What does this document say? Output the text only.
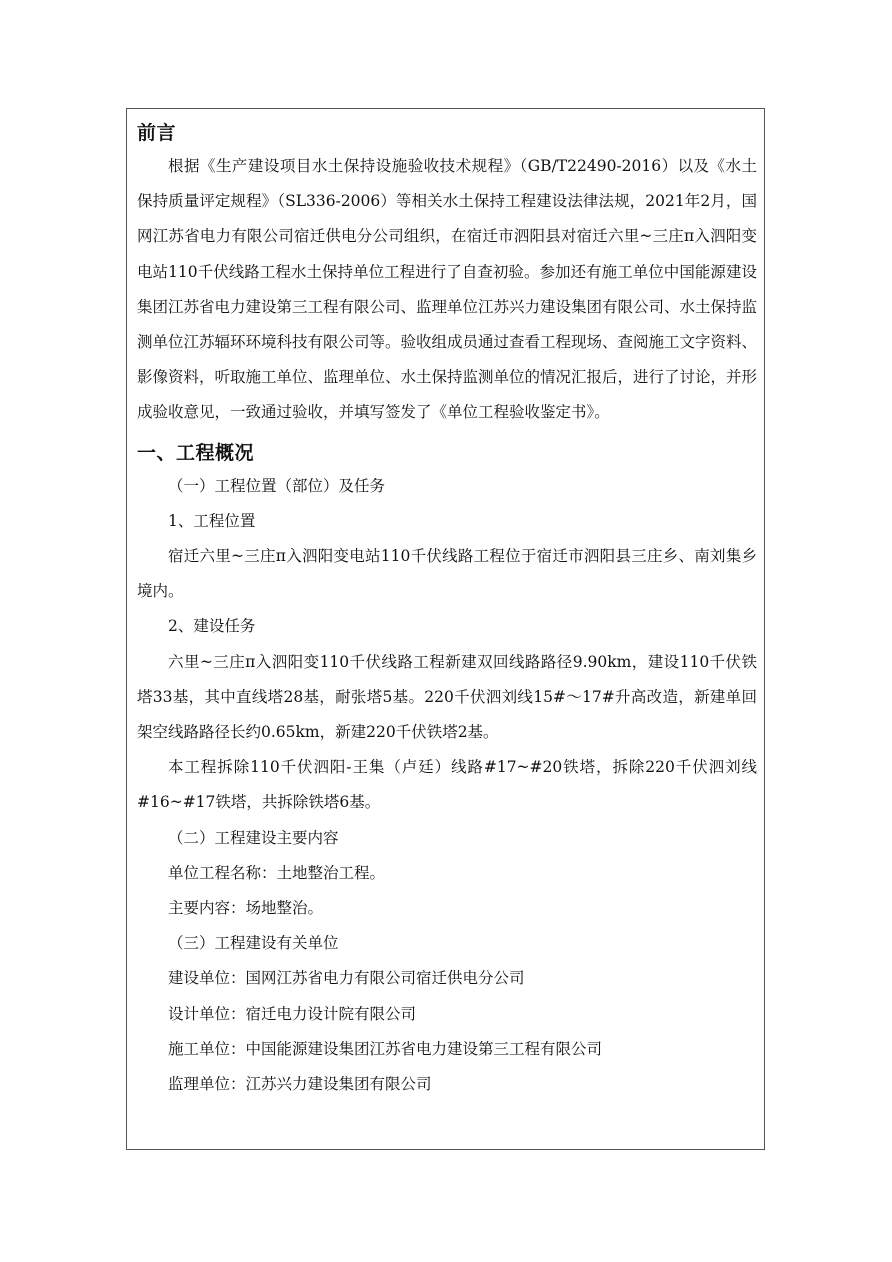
前言

根据《生产建设项目水土保持设施验收技术规程》（GB/T22490-2016）以及《水土保持质量评定规程》（SL336-2006）等相关水土保持工程建设法律法规，2021年2月，国网江苏省电力有限公司宿迁供电分公司组织，在宿迁市泗阳县对宿迁六里~三庄π入泗阳变电站110千伏线路工程水土保持单位工程进行了自查初验。参加还有施工单位中国能源建设集团江苏省电力建设第三工程有限公司、监理单位江苏兴力建设集团有限公司、水土保持监测单位江苏辐环环境科技有限公司等。验收组成员通过查看工程现场、查阅施工文字资料、影像资料，听取施工单位、监理单位、水土保持监测单位的情况汇报后，进行了讨论，并形成验收意见，一致通过验收，并填写签发了《单位工程验收鉴定书》。

一、工程概况

（一）工程位置（部位）及任务

1、工程位置

宿迁六里~三庄π入泗阳变电站110千伏线路工程位于宿迁市泗阳县三庄乡、南刘集乡境内。

2、建设任务

六里~三庄π入泗阳变110千伏线路工程新建双回线路路径9.90km，建设110千伏铁塔33基，其中直线塔28基，耐张塔5基。220千伏泗刘线15#～17#升高改造，新建单回架空线路路径长约0.65km，新建220千伏铁塔2基。

本工程拆除110千伏泗阳-王集（卢廷）线路#17~#20铁塔，拆除220千伏泗刘线#16~#17铁塔，共拆除铁塔6基。

（二）工程建设主要内容

单位工程名称：土地整治工程。

主要内容：场地整治。

（三）工程建设有关单位

建设单位：国网江苏省电力有限公司宿迁供电分公司

设计单位：宿迁电力设计院有限公司

施工单位：中国能源建设集团江苏省电力建设第三工程有限公司

监理单位：江苏兴力建设集团有限公司
